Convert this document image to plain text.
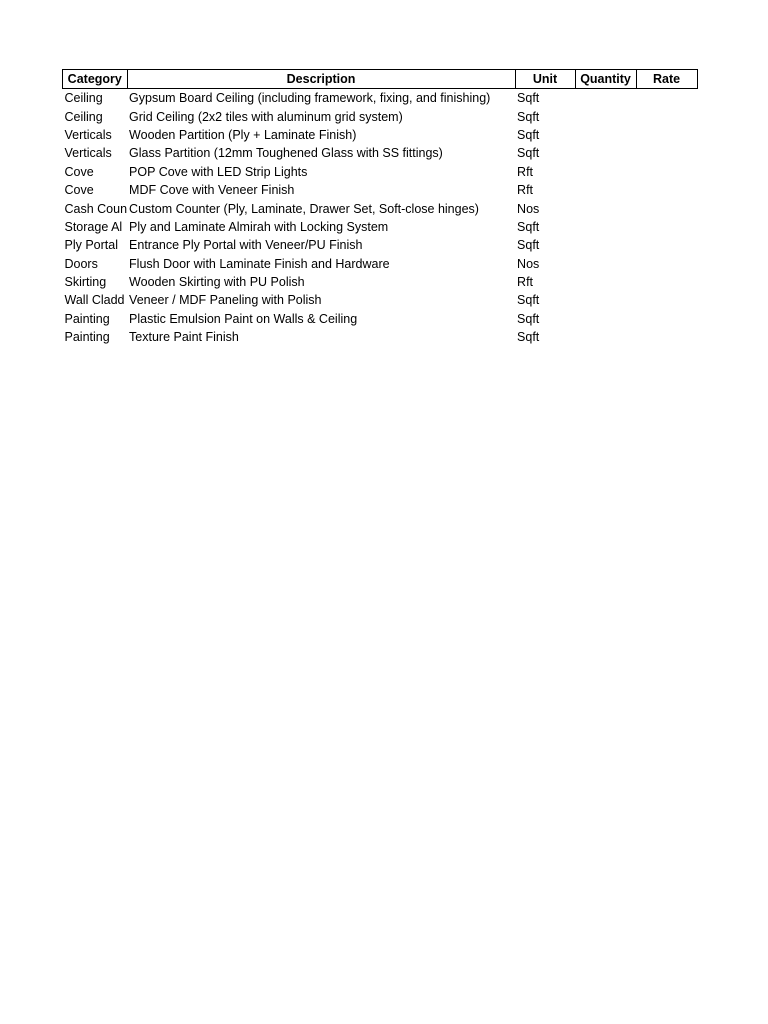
Category	Description	Unit	Quantity	Rate
Ceiling	Gypsum Board Ceiling (including framework, fixing, and finishing)	Sqft		
Ceiling	Grid Ceiling (2x2 tiles with aluminum grid system)	Sqft		
Verticals	Wooden Partition (Ply + Laminate Finish)	Sqft		
Verticals	Glass Partition (12mm Toughened Glass with SS fittings)	Sqft		
Cove	POP Cove with LED Strip Lights	Rft		
Cove	MDF Cove with Veneer Finish	Rft		
Cash Coun	Custom Counter (Ply, Laminate, Drawer Set, Soft-close hinges)	Nos		
Storage Al	Ply and Laminate Almirah with Locking System	Sqft		
Ply Portal	Entrance Ply Portal with Veneer/PU Finish	Sqft		
Doors	Flush Door with Laminate Finish and Hardware	Nos		
Skirting	Wooden Skirting with PU Polish	Rft		
Wall Cladd	Veneer / MDF Paneling with Polish	Sqft		
Painting	Plastic Emulsion Paint on Walls & Ceiling	Sqft		
Painting	Texture Paint Finish	Sqft		
